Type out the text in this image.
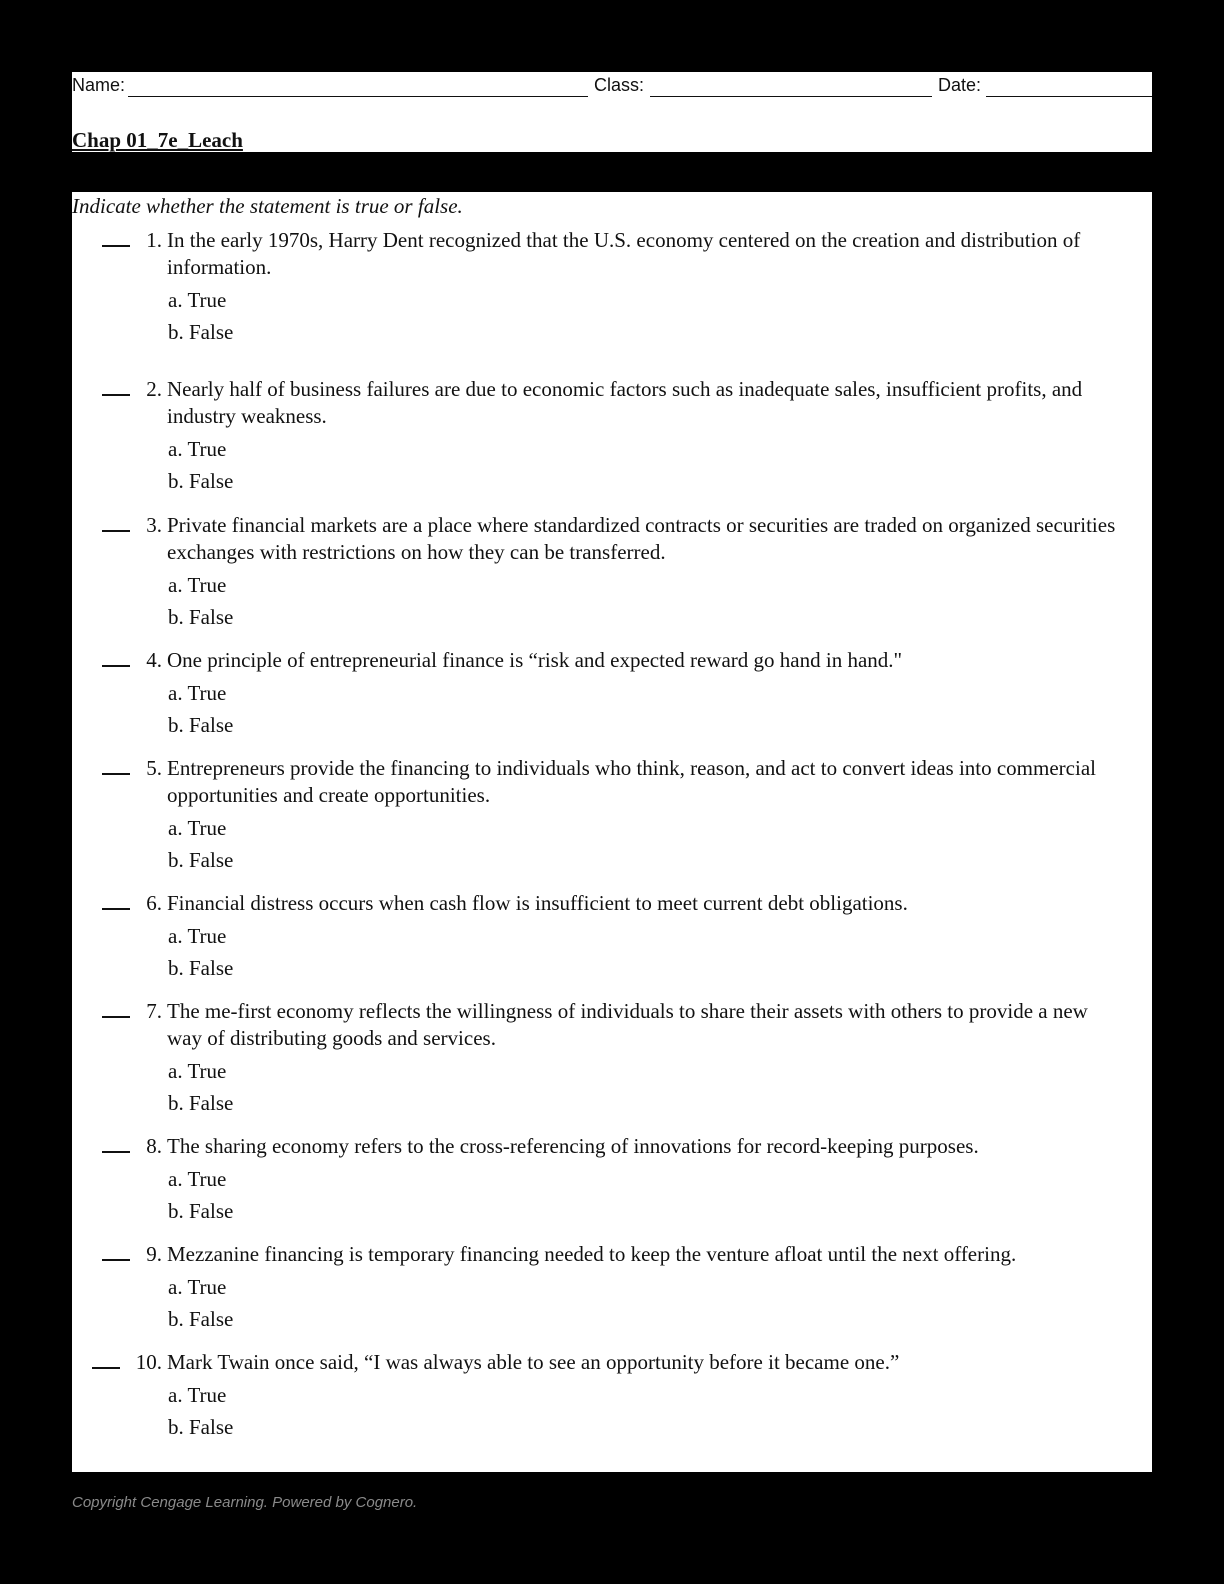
Name:	Class:	Date:
Chap 01_7e_Leach
Indicate whether the statement is true or false.
1. In the early 1970s, Harry Dent recognized that the U.S. economy centered on the creation and distribution of information.
a. True
b. False
2. Nearly half of business failures are due to economic factors such as inadequate sales, insufficient profits, and industry weakness.
a. True
b. False
3. Private financial markets are a place where standardized contracts or securities are traded on organized securities exchanges with restrictions on how they can be transferred.
a. True
b. False
4. One principle of entrepreneurial finance is “risk and expected reward go hand in hand."
a. True
b. False
5. Entrepreneurs provide the financing to individuals who think, reason, and act to convert ideas into commercial opportunities and create opportunities.
a. True
b. False
6. Financial distress occurs when cash flow is insufficient to meet current debt obligations.
a. True
b. False
7. The me-first economy reflects the willingness of individuals to share their assets with others to provide a new way of distributing goods and services.
a. True
b. False
8. The sharing economy refers to the cross-referencing of innovations for record-keeping purposes.
a. True
b. False
9. Mezzanine financing is temporary financing needed to keep the venture afloat until the next offering.
a. True
b. False
10. Mark Twain once said, “I was always able to see an opportunity before it became one.”
a. True
b. False
Copyright Cengage Learning. Powered by Cognero.
